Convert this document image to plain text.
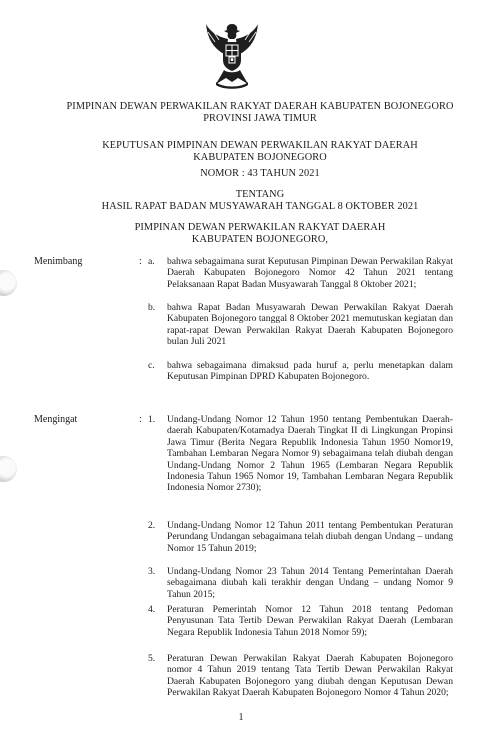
PIMPINAN DEWAN PERWAKILAN RAKYAT DAERAH KABUPATEN BOJONEGORO
PROVINSI JAWA TIMUR
KEPUTUSAN PIMPINAN DEWAN PERWAKILAN RAKYAT DAERAH
KABUPATEN BOJONEGORO
NOMOR : 43 TAHUN 2021
TENTANG
HASIL RAPAT BADAN MUSYAWARAH TANGGAL 8 OKTOBER 2021
PIMPINAN DEWAN PERWAKILAN RAKYAT DAERAH
KABUPATEN BOJONEGORO,
Menimbang	: a. bahwa sebagaimana surat Keputusan Pimpinan Dewan Perwakilan Rakyat Daerah Kabupaten Bojonegoro Nomor 42 Tahun 2021 tentang Pelaksanaan Rapat Badan Musyawarah Tanggal 8 Oktober 2021;
b. bahwa Rapat Badan Musyawarah Dewan Perwakilan Rakyat Daerah Kabupaten Bojonegoro tanggal 8 Oktober 2021 memutuskan kegiatan dan rapat-rapat Dewan Perwakilan Rakyat Daerah Kabupaten Bojonegoro bulan Juli 2021
c. bahwa sebagaimana dimaksud pada huruf a, perlu menetapkan dalam Keputusan Pimpinan DPRD Kabupaten Bojonegoro.
Mengingat	: 1. Undang-Undang Nomor 12 Tahun 1950 tentang Pembentukan Daerah-daerah Kabupaten/Kotamadya Daerah Tingkat II di Lingkungan Propinsi Jawa Timur (Berita Negara Republik Indonesia Tahun 1950 Nomor19, Tambahan Lembaran Negara Nomor 9) sebagaimana telah diubah dengan Undang-Undang Nomor 2 Tahun 1965 (Lembaran Negara Republik Indonesia Tahun 1965 Nomor 19, Tambahan Lembaran Negara Republik Indonesia Nomor 2730);
2. Undang-Undang Nomor 12 Tahun 2011 tentang Pembentukan Peraturan Perundang Undangan sebagaimana telah diubah dengan Undang – undang Nomor 15 Tahun 2019;
3. Undang-Undang Nomor 23 Tahun 2014 Tentang Pemerintahan Daerah sebagaimana diubah kali terakhir dengan Undang – undang Nomor 9 Tahun 2015;
4. Peraturan Pemerintah Nomor 12 Tahun 2018 tentang Pedoman Penyusunan Tata Tertib Dewan Perwakilan Rakyat Daerah (Lembaran Negara Republik Indonesia Tahun 2018 Nomor 59);
5. Peraturan Dewan Perwakilan Rakyat Daerah Kabupaten Bojonegoro nomor 4 Tahun 2019 tentang Tata Tertib Dewan Perwakilan Rakyat Daerah Kabupaten Bojonegoro yang diubah dengan Keputusan Dewan Perwakilan Rakyat Daerah Kabupaten Bojonegoro Nomor 4 Tahun 2020;
1
